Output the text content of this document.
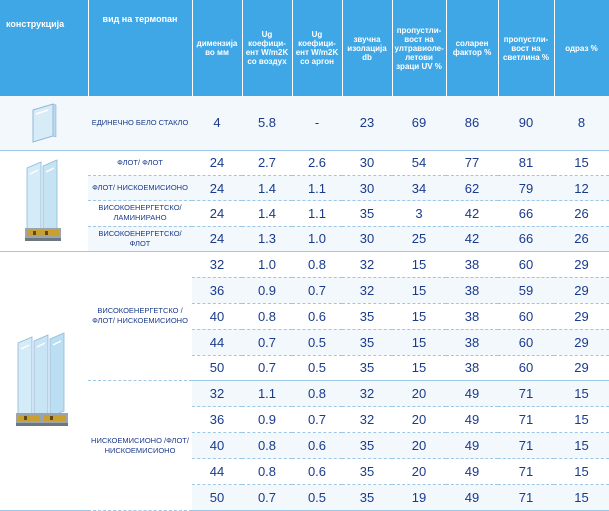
конструкција	вид на термопан	димензија во мм	Ug коефици-ент W/m2K со воздух	Ug коефици-ент W/m2K со аргон	звучна изолација db	пропустли-вост на ултравиоле-летови зраци UV %	соларен фактор %	пропустли-вост на светлина %	одраз %

	ЕДИНЕЧНО БЕЛО СТАКЛО	4	5.8	-	23	69	86	90	8

	ФЛОТ/ ФЛОТ	24	2.7	2.6	30	54	77	81	15
	ФЛОТ/ НИСКОЕМИСИОНО	24	1.4	1.1	30	34	62	79	12
	ВИСОКОЕНЕРГЕТСКО/ ЛАМИНИРАНО	24	1.4	1.1	35	3	42	66	26
	ВИСОКОЕНЕРГЕТСКО/ ФЛОТ	24	1.3	1.0	30	25	42	66	26

	ВИСОКОЕНЕРГЕТСКО /ФЛОТ/ НИСКОЕМИСИОНО	32	1.0	0.8	32	15	38	60	29
		36	0.9	0.7	32	15	38	59	29
		40	0.8	0.6	35	15	38	60	29
		44	0.7	0.5	35	15	38	60	29
		50	0.7	0.5	35	15	38	60	29
	НИСКОЕМИСИОНО /ФЛОТ/ НИСКОЕМИСИОНО	32	1.1	0.8	32	20	49	71	15
		36	0.9	0.7	32	20	49	71	15
		40	0.8	0.6	35	20	49	71	15
		44	0.8	0.6	35	20	49	71	15
		50	0.7	0.5	35	19	49	71	15
